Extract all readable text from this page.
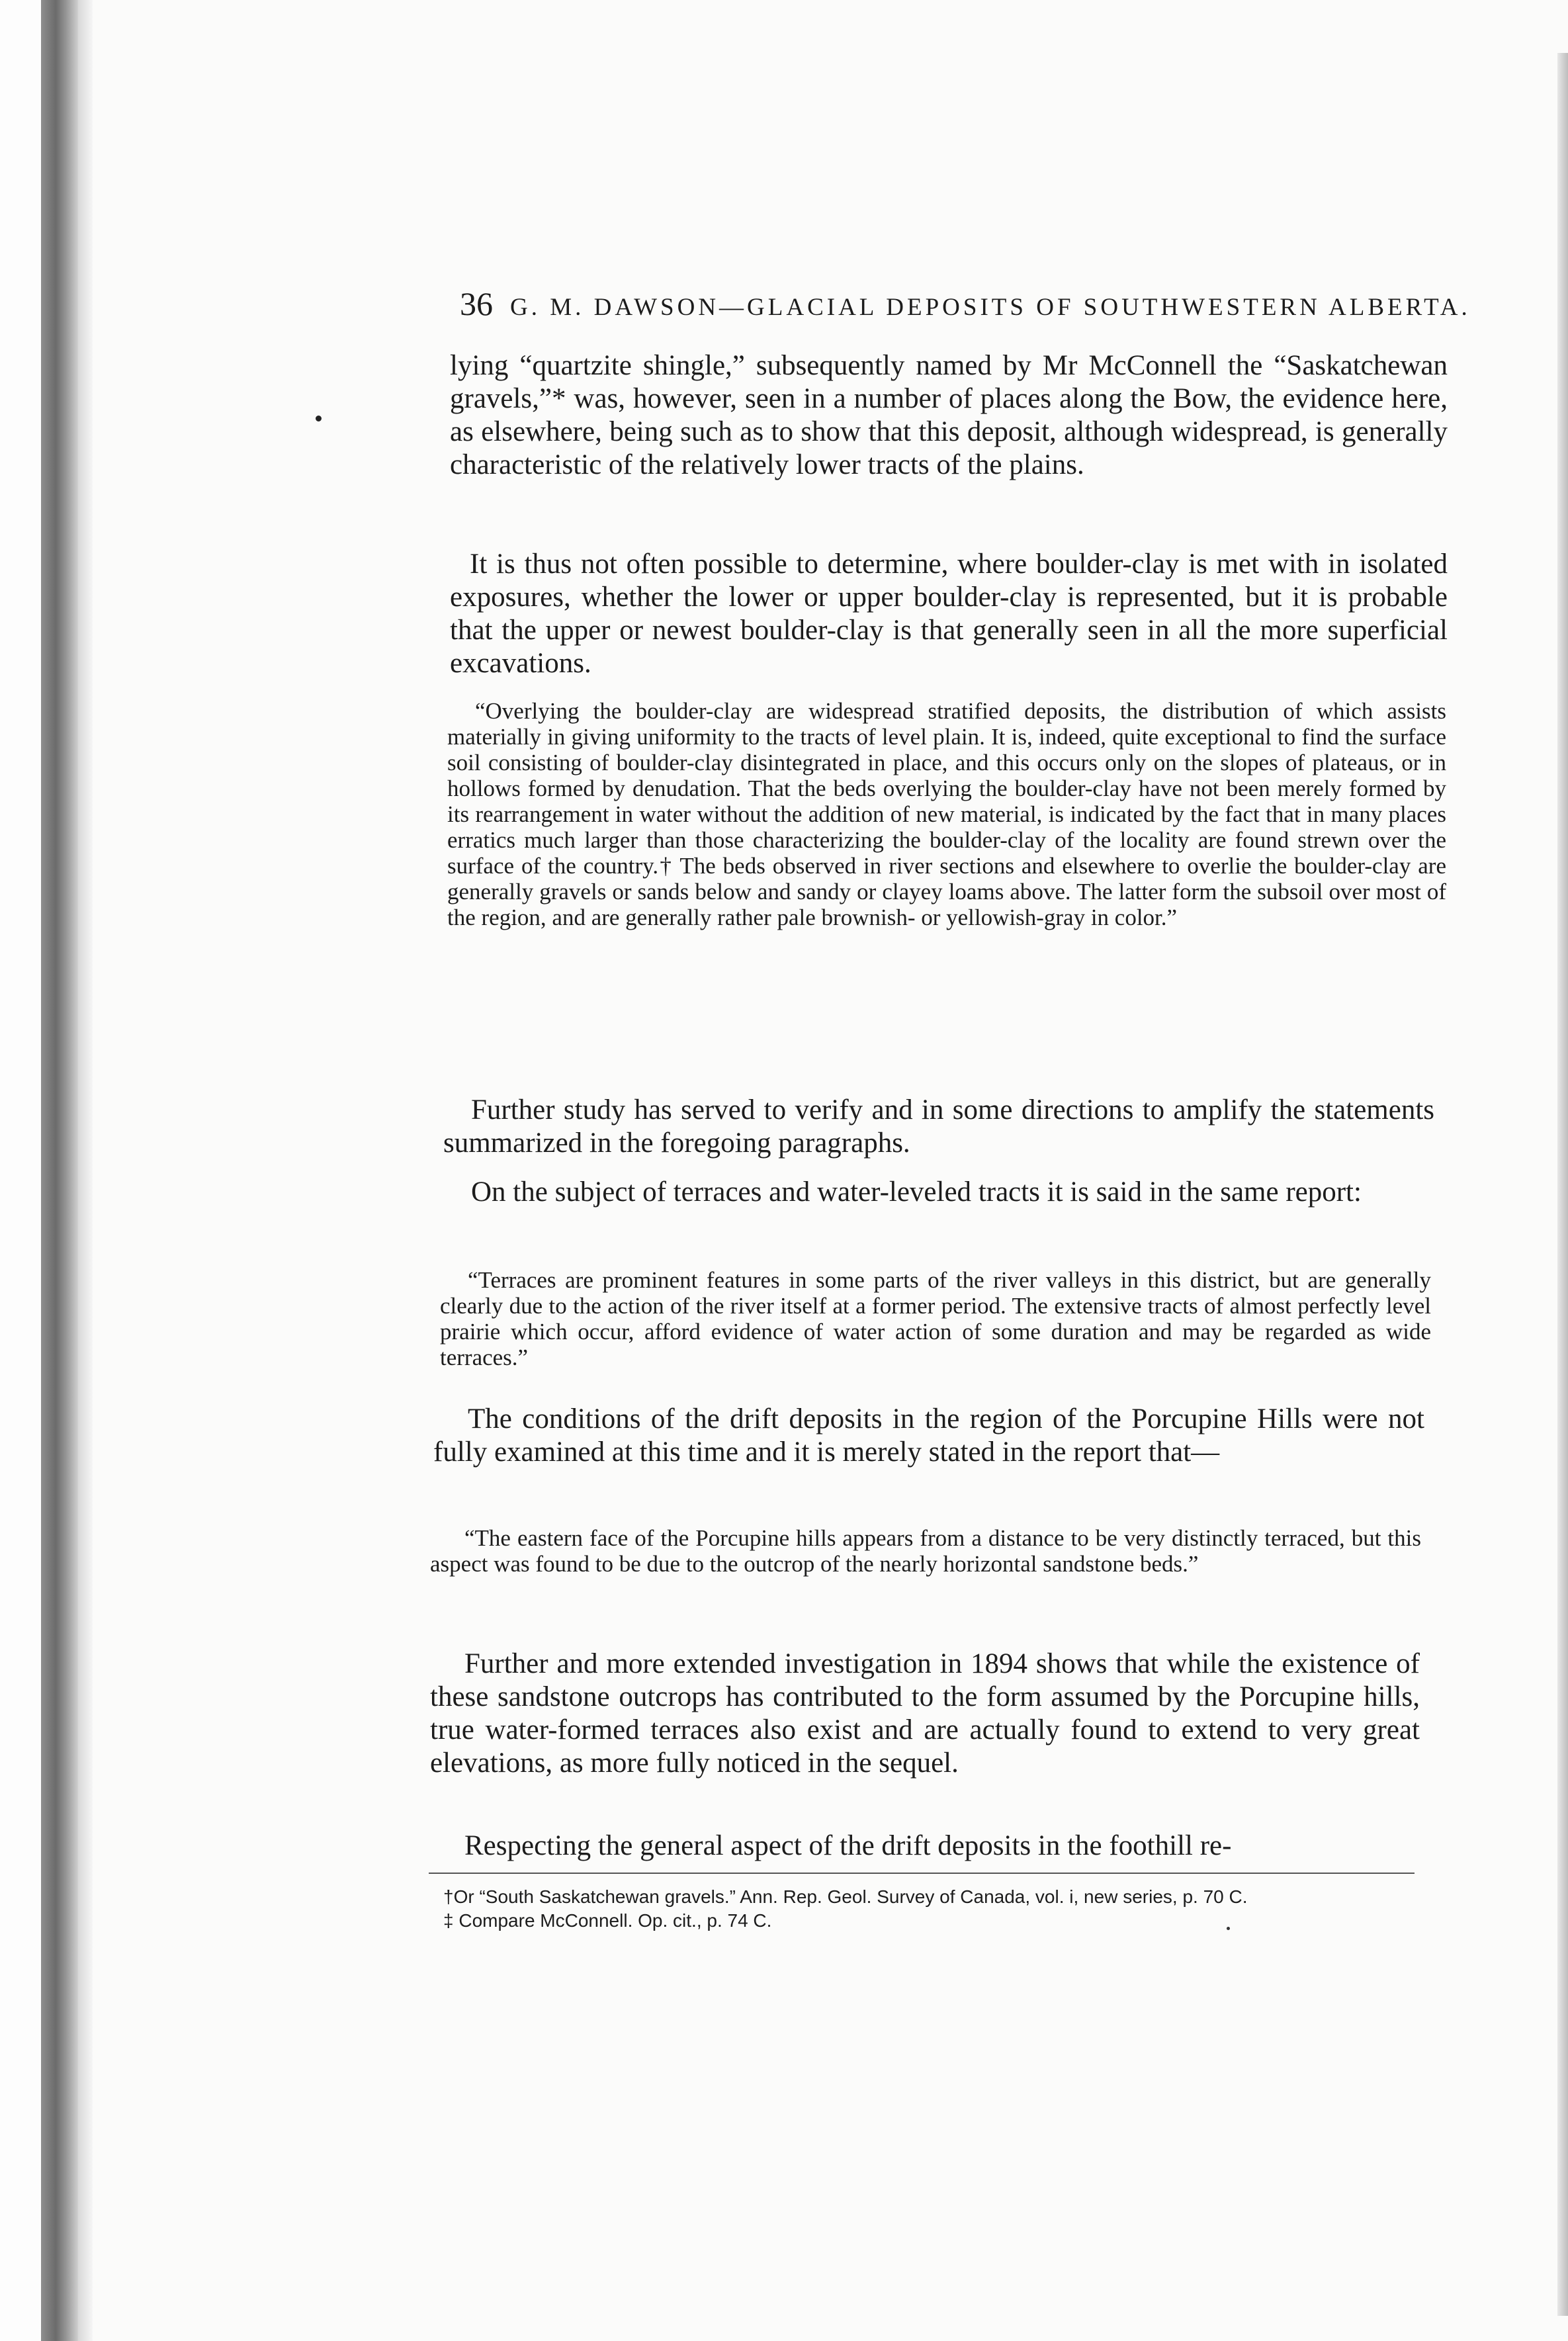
36 G. M. DAWSON—GLACIAL DEPOSITS OF SOUTHWESTERN ALBERTA.

lying “quartzite shingle,” subsequently named by Mr McConnell the “Saskatchewan gravels,”* was, however, seen in a number of places along the Bow, the evidence here, as elsewhere, being such as to show that this deposit, although widespread, is generally characteristic of the relatively lower tracts of the plains.

It is thus not often possible to determine, where boulder-clay is met with in isolated exposures, whether the lower or upper boulder-clay is represented, but it is probable that the upper or newest boulder-clay is that generally seen in all the more superficial excavations.

“Overlying the boulder-clay are widespread stratified deposits, the distribution of which assists materially in giving uniformity to the tracts of level plain. It is, indeed, quite exceptional to find the surface soil consisting of boulder-clay disintegrated in place, and this occurs only on the slopes of plateaus, or in hollows formed by denudation. That the beds overlying the boulder-clay have not been merely formed by its rearrangement in water without the addition of new material, is indicated by the fact that in many places erratics much larger than those characterizing the boulder-clay of the locality are found strewn over the surface of the country.† The beds observed in river sections and elsewhere to overlie the boulder-clay are generally gravels or sands below and sandy or clayey loams above. The latter form the subsoil over most of the region, and are generally rather pale brownish- or yellowish-gray in color.”

Further study has served to verify and in some directions to amplify the statements summarized in the foregoing paragraphs.

On the subject of terraces and water-leveled tracts it is said in the same report:

“Terraces are prominent features in some parts of the river valleys in this district, but are generally clearly due to the action of the river itself at a former period. The extensive tracts of almost perfectly level prairie which occur, afford evidence of water action of some duration and may be regarded as wide terraces.”

The conditions of the drift deposits in the region of the Porcupine Hills were not fully examined at this time and it is merely stated in the report that—

“The eastern face of the Porcupine hills appears from a distance to be very distinctly terraced, but this aspect was found to be due to the outcrop of the nearly horizontal sandstone beds.”

Further and more extended investigation in 1894 shows that while the existence of these sandstone outcrops has contributed to the form assumed by the Porcupine hills, true water-formed terraces also exist and are actually found to extend to very great elevations, as more fully noticed in the sequel.

Respecting the general aspect of the drift deposits in the foothill re-

†Or “South Saskatchewan gravels.” Ann. Rep. Geol. Survey of Canada, vol. i, new series, p. 70 C.

‡ Compare McConnell. Op. cit., p. 74 C.
